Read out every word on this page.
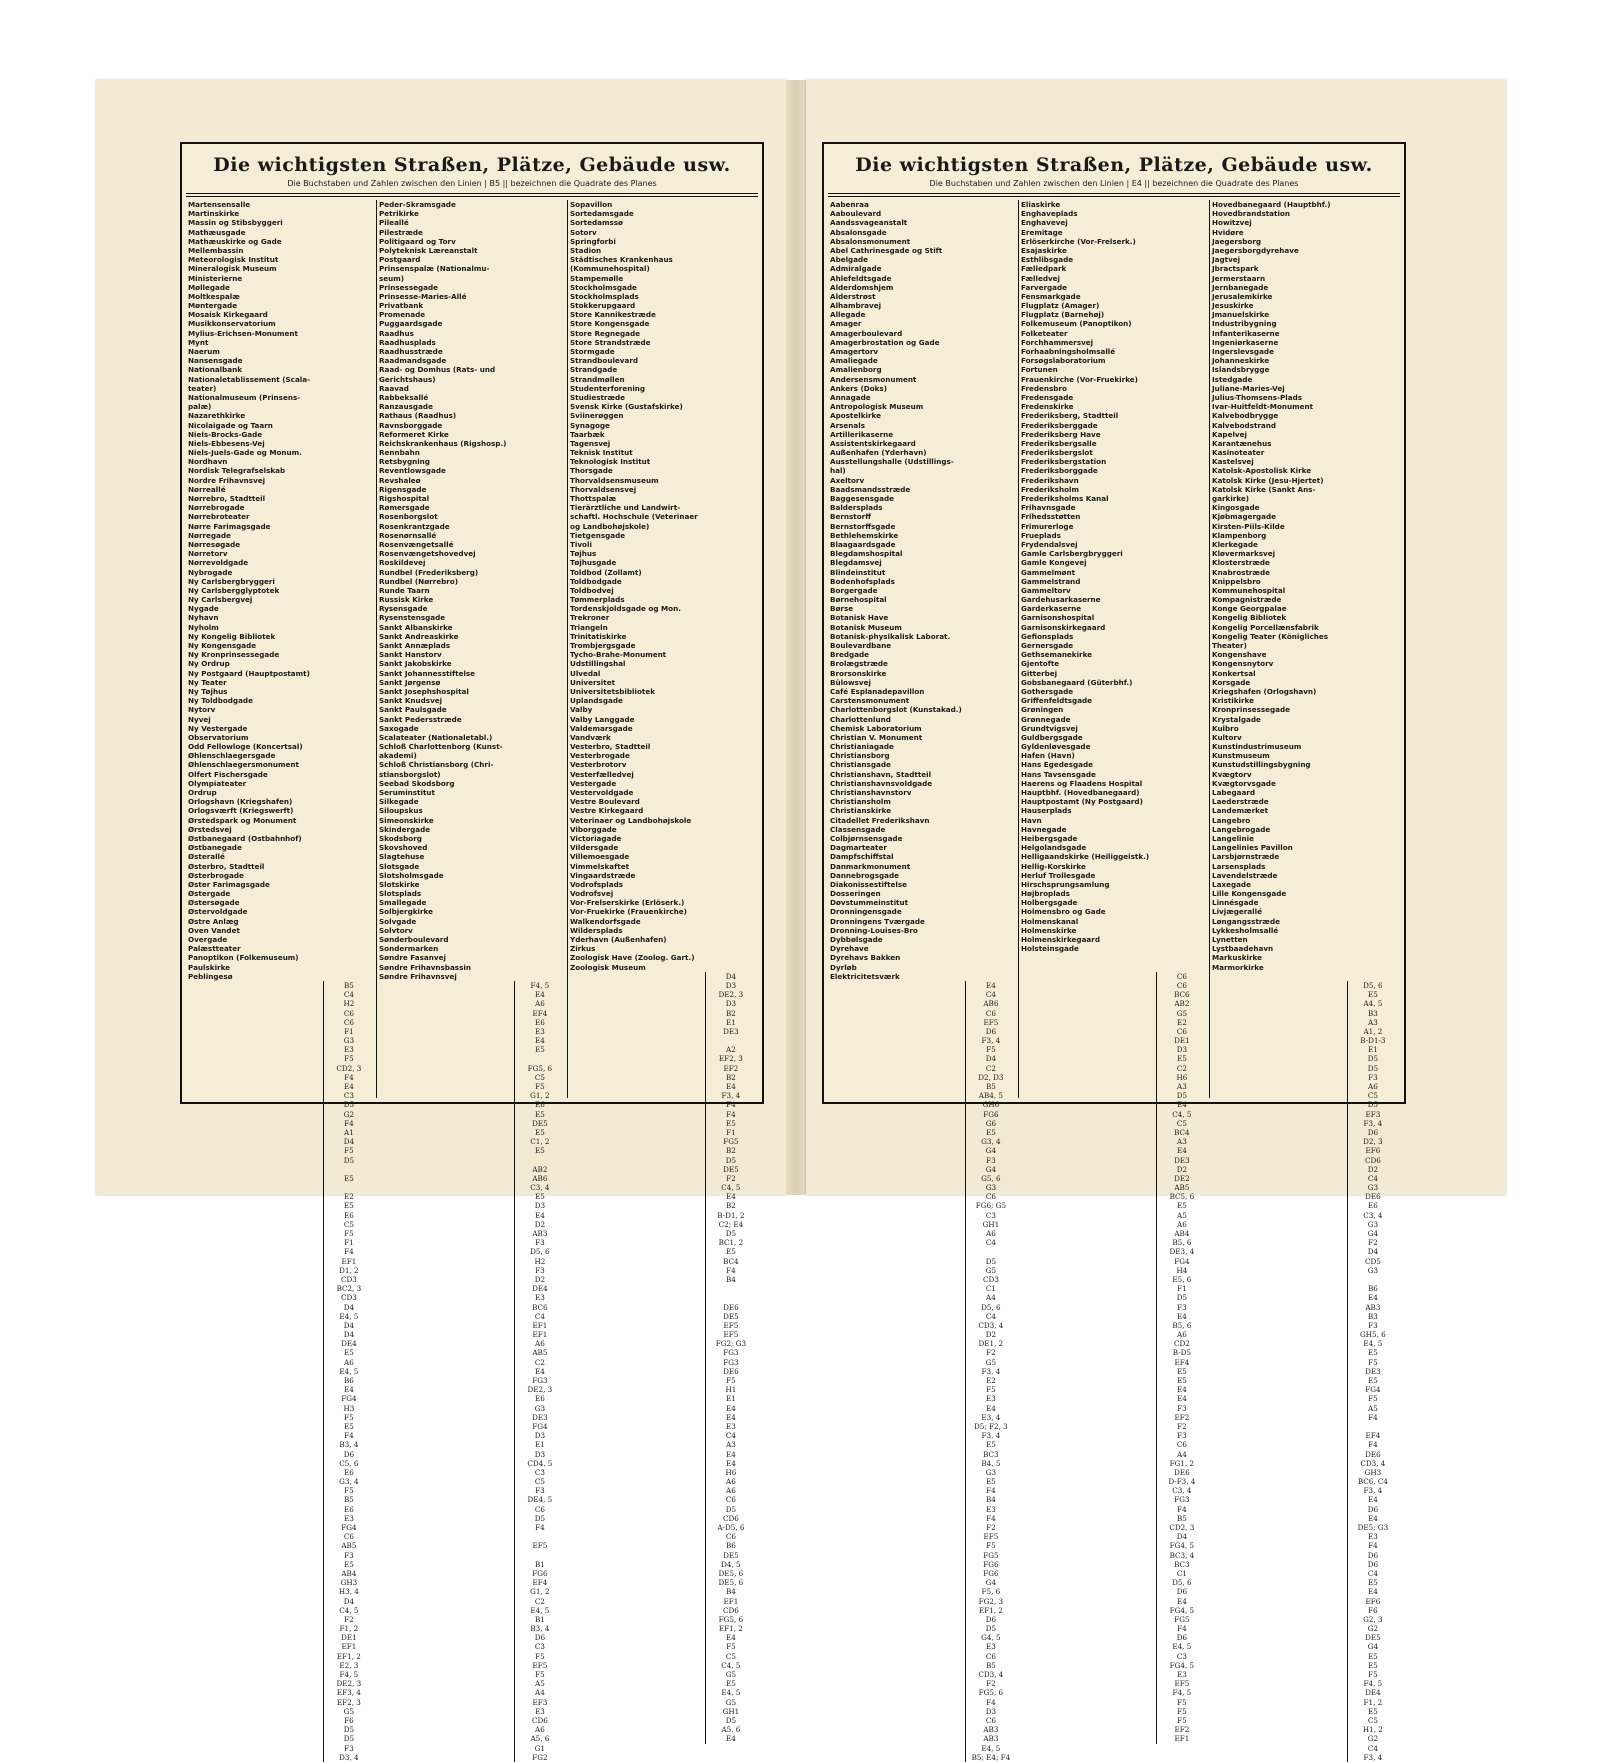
Die wichtigsten Straßen, Plätze, Gebäude usw.
Die Buchstaben und Zahlen zwischen den Linien | B5 || bezeichnen die Quadrate des Planes
Martensensalle
Martinskirke
Massin og Stibsbyggeri
Mathæusgade
Mathæuskirke og Gade
Mellembassin
Meteorologisk Institut
Mineralogisk Museum
Ministerierne
Møllegade
Moltkespalæ
Møntergade
Mosaisk Kirkegaard
Musikkonservatorium
Mylius-Erichsen-Monument
Mynt
Naerum
Nansensgade
Nationalbank
Nationaletablissement (Scala-
teater)
Nationalmuseum (Prinsens-
palæ)
Nazarethkirke
Nicolaigade og Taarn
Niels-Brocks-Gade
Niels-Ebbesens-Vej
Niels-Juels-Gade og Monum.
Nordhavn
Nordisk Telegrafselskab
Nordre Frihavnsvej
Nørreallé
Nørrebro, Stadtteil
Nørrebrogade
Nørrebroteater
Nørre Farimagsgade
Nørregade
Nørresøgade
Nørretorv
Nørrevoldgade
Nybrogade
Ny Carlsbergbryggeri
Ny Carlsbergglyptotek
Ny Carlsbergvej
Nygade
Nyhavn
Nyholm
Ny Kongelig Bibliotek
Ny Kongensgade
Ny Kronprinsessegade
Ny Ordrup
Ny Postgaard (Hauptpostamt)
Ny Teater
Ny Tøjhus
Ny Toldbodgade
Nytorv
Nyvej
Ny Vestergade
Observatorium
Odd Fellowloge (Koncertsal)
Øhlenschlaegersgade
Øhlenschlaegersmonument
Olfert Fischersgade
Olympiateater
Ordrup
Orlogshavn (Kriegshafen)
Orlogsværft (Kriegswerft)
Ørstedspark og Monument
Ørstedsvej
Østbanegaard (Ostbahnhof)
Østbanegade
Østerallé
Østerbro, Stadtteil
Østerbrogade
Øster Farimagsgade
Østergade
Østersøgade
Østervoldgade
Østre Anlæg
Oven Vandet
Overgade
Palæstteater
Panoptikon (Folkemuseum)
Paulskirke
Peblingesø
B5
C4
H2
C6
C6
F1
G3
E3
F5
CD2, 3
F4
E4
C3
D5
G2
F4
A1
D4
F5
D5
E5
E2
E5
E6
C5
F5
F1
F4
EF1
D1, 2
CD3
BC2, 3
CD3
D4
E4, 5
D4
D4
DE4
E5
A6
E4, 5
B6
E4
FG4
H3
F5
E5
F4
B3, 4
D6
C5, 6
E6
G3, 4
F5
B5
E6
E3
FG4
C6
AB5
F3
E5
AB4
GH3
H3, 4
D4
C4, 5
F2
F1, 2
DE1
EF1
EF1, 2
E2, 3
F4, 5
DE2, 3
EF3, 4
EF2, 3
G5
F6
D5
D5
F3
D3, 4
Peder-Skramsgade
Petrikirke
Pileallé
Pilestræde
Politigaard og Torv
Polyteknisk Læreanstalt
Postgaard
Prinsenspalæ (Nationalmu-
seum)
Prinsessegade
Prinsesse-Maries-Allé
Privatbank
Promenade
Puggaardsgade
Raadhus
Raadhusplads
Raadhusstræde
Raadmandsgade
Raad- og Domhus (Rats- und
Gerichtshaus)
Raavad
Rabbeksallé
Ranzausgade
Rathaus (Raadhus)
Ravnsborggade
Reformeret Kirke
Reichskrankenhaus (Rigshosp.)
Rennbahn
Retsbygning
Reventlowsgade
Revshaleø
Rigensgade
Rigshospital
Rømersgade
Rosenborgslot
Rosenkrantzgade
Rosenørnsallé
Rosenvængetsallé
Rosenvængetshovedvej
Roskildevej
Rundbel (Frederiksberg)
Rundbel (Nørrebro)
Runde Taarn
Russisk Kirke
Rysensgade
Rysenstensgade
Sankt Albanskirke
Sankt Andreaskirke
Sankt Annæplads
Sankt Hanstorv
Sankt Jakobskirke
Sankt Johannesstiftelse
Sankt Jørgensø
Sankt Josephshospital
Sankt Knudsvej
Sankt Paulsgade
Sankt Pedersstræde
Saxogade
Scalateater (Nationaletabl.)
Schloß Charlottenborg (Kunst-
akademi)
Schloß Christiansborg (Chri-
stiansborgslot)
Seebad Skodsborg
Seruminstitut
Silkegade
Siloupskus
Simeonskirke
Skindergade
Skodsborg
Skovshoved
Slagtehuse
Slotsgade
Slotsholmsgade
Slotskirke
Slotsplads
Smallegade
Solbjergkirke
Solvgade
Solvtorv
Sønderboulevard
Sondermarken
Søndre Fasanvej
Søndre Frihavnsbassin
Søndre Frihavnsvej
F4, 5
E4
A6
EF4
E6
E3
E4
E5
FG5, 6
C5
F5
G1, 2
E6
E5
DE5
E5
C1, 2
E5
AB2
AB6
C3, 4
E5
D3
E4
D2
AB3
F3
D5, 6
H2
F3
D2
DE4
E3
BC6
C4
EF1
EF1
A6
AB5
C2
E4
FG3
DE2, 3
E6
G3
DE3
FG4
D3
E1
D3
CD4, 5
C3
C5
F3
DE4, 5
C6
D5
F4
EF5
B1
FG6
EF4
G1, 2
C2
E4, 5
B1
B3, 4
D6
C3
F5
EF5
F5
A5
A4
EF3
E3
CD6
A6
A5, 6
G1
FG2
Sopavillon
Sortedamsgade
Sortedamssø
Sotorv
Springforbi
Stadion
Städtisches Krankenhaus
(Kommunehospital)
Stampemølle
Stockholmsgade
Stockholmsplads
Stokkerupgaard
Store Kannikestræde
Store Kongensgade
Store Regnegade
Store Strandstræde
Stormgade
Strandboulevard
Strandgade
Strandmøllen
Studenterforening
Studiestræde
Svensk Kirke (Gustafskirke)
Sviinerøggen
Synagoge
Taarbæk
Tagensvej
Teknisk Institut
Teknologisk Institut
Thorsgade
Thorvaldsensmuseum
Thorvaldsensvej
Thottspalæ
Tierärztliche und Landwirt-
schaftl. Hochschule (Veterinaer
og Landbohøjskole)
Tietgensgade
Tivoli
Tøjhus
Tøjhusgade
Toldbod (Zollamt)
Toldbodgade
Toldbodvej
Tømmerplads
Tordenskjoldsgade og Mon.
Trekroner
Triangeln
Trinitatiskirke
Trombjergsgade
Tycho-Brahe-Monument
Udstillingshal
Ulvedal
Universitet
Universitetsbibliotek
Uplandsgade
Valby
Valby Langgade
Valdemarsgade
Vandværk
Vesterbro, Stadtteil
Vesterbrogade
Vesterbrotorv
Vesterfælledvej
Vestergade
Vestervoldgade
Vestre Boulevard
Vestre Kirkegaard
Veterinaer og Landbohøjskole
Viborggade
Victoriagade
Vildersgade
Villemoesgade
Vimmelskaftet
Vingaardstræde
Vodrofsplads
Vodrofsvej
Vor-Frelserskirke (Erlöserk.)
Vor-Fruekirke (Frauenkirche)
Walkendorfsgade
Wildersplads
Yderhavn (Außenhafen)
Zirkus
Zoologisk Have (Zoolog. Gart.)
Zoologisk Museum
D4
D3
DE2, 3
D3
B2
E1
DE3
A2
EF2, 3
EF2
B2
E4
F3, 4
F4
F4
E5
F1
FG5
B2
D5
DE5
F2
C4, 5
E4
B2
B-D1, 2
C2; E4
D5
BC1, 2
E5
BC4
F4
B4
DE6
DE5
EF5
EF5
FG2; G3
FG3
FG3
DE6
F5
H1
E1
E4
E4
E3
C4
A3
E4
E4
H6
A6
A6
C6
D5
CD6
A-D5, 6
C6
B6
DE5
D4, 5
DE5, 6
DE5, 6
B4
EF1
CD6
FG5, 6
EF1, 2
E4
F5
C5
C4, 5
G5
E5
E4, 5
G5
GH1
D5
A5, 6
E4
Die wichtigsten Straßen, Plätze, Gebäude usw.
Die Buchstaben und Zahlen zwischen den Linien | E4 || bezeichnen die Quadrate des Planes
Aabenraa
Aaboulevard
Aandssvageanstalt
Absalonsgade
Absalonsmonument
Abel Cathrinesgade og Stift
Abelgade
Admiralgade
Ahlefeldtsgade
Alderdomshjem
Alderstrøst
Alhambravej
Allegade
Amager
Amagerboulevard
Amagerbrostation og Gade
Amagertorv
Amaliegade
Amalienborg
Andersensmonument
Ankers (Doks)
Annagade
Antropologisk Museum
Apostelkirke
Arsenals
Artillerikaserne
Assistentskirkegaard
Außenhafen (Yderhavn)
Ausstellungshalle (Udstillings-
hal)
Axeltorv
Baadsmandsstræde
Baggesensgade
Baldersplads
Bernstorff
Bernstorffsgade
Bethlehemskirke
Blaagaardsgade
Blegdamshospital
Blegdamsvej
Blindeinstitut
Bodenhofsplads
Borgergade
Børnehospital
Børse
Botanisk Have
Botanisk Museum
Botanisk-physikalisk Laborat.
Boulevardbane
Bredgade
Brolægstræde
Brorsonskirke
Bülowsvej
Café Esplanadepavillon
Carstensmonument
Charlottenborgslot (Kunstakad.)
Charlottenlund
Chemisk Laboratorium
Christian V. Monument
Christianiagade
Christiansborg
Christiansgade
Christianshavn, Stadtteil
Christianshavnsvoldgade
Christianshavnstorv
Christiansholm
Christianskirke
Citadellet Frederikshavn
Classensgade
Colbjørnsensgade
Dagmarteater
Dampfschiffstal
Danmarkmonument
Dannebrogsgade
Diakonissestiftelse
Dosseringen
Døvstummeinstitut
Dronningensgade
Dronningens Tværgade
Dronning-Louises-Bro
Dybbølsgade
Dyrehave
Dyrehavs Bakken
Dyrløb
Elektricitetsværk
E4
C4
AB6
C6
EF5
D6
F3, 4
F5
D4
C2
D2, D3
B5
AB4, 5
GH6
FG6
G6
E5
G3, 4
G4
F3
G4
G5, 6
G3
C6
FG6; G5
C3
GH1
A6
C4
D5
G5
CD3
C1
A4
D5, 6
C4
CD3, 4
D2
DE1, 2
F2
G5
F3, 4
E2
F5
E3
E4
E3, 4
D5; F2, 3
F3, 4
E5
BC3
B4, 5
G3
E5
F4
B4
E3
F4
F2
EF5
F5
FG5
FG6
FG6
G4
F5, 6
FG2, 3
EF1, 2
D6
D5
G4, 5
E3
C6
B5
CD3, 4
F2
FG5, 6
F4
D3
C6
AB3
AB3
E4, 5
B5; E4; F4
Eliaskirke
Enghaveplads
Enghavevej
Eremitage
Erlöserkirche (Vor-Frelserk.)
Esajaskirke
Esthlibsgade
Fælledpark
Fælledvej
Farvergade
Fensmarkgade
Flugplatz (Amager)
Flugplatz (Barnehøj)
Folkemuseum (Panoptikon)
Folketeater
Forchhammersvej
Forhaabningsholmsallé
Forsøgslaboratorium
Fortunen
Frauenkirche (Vor-Fruekirke)
Fredensbro
Fredensgade
Fredenskirke
Frederiksberg, Stadtteil
Frederiksberggade
Frederiksberg Have
Frederiksbergsalle
Frederiksbergslot
Frederiksbergstation
Frederiksborggade
Frederikshavn
Frederiksholm
Frederiksholms Kanal
Frihavnsgade
Frihedsstøtten
Frimurerloge
Frueplads
Frydendalsvej
Gamle Carlsbergbryggeri
Gamle Kongevej
Gammelmønt
Gammelstrand
Gammeltorv
Gardehusarkaserne
Garderkaserne
Garnisonshospital
Garnisonskirkegaard
Gefionsplads
Gernersgade
Gethsemanekirke
Gjentofte
Gitterbej
Gobsbanegaard (Güterbhf.)
Gothersgade
Griffenfeldtsgade
Grøningen
Grønnegade
Grundtvigsvej
Guldbergsgade
Gyldenløvesgade
Hafen (Havn)
Hans Egedesgade
Hans Tavsensgade
Haerens og Flaadens Hospital
Hauptbhf. (Hovedbanegaard)
Hauptpostamt (Ny Postgaard)
Hauserplads
Havn
Havnegade
Heibergsgade
Helgolandsgade
Helligaandskirke (Heiliggeistk.)
Hellig-Korskirke
Herluf Trollesgade
Hirschsprungsamlung
Højbroplads
Holbergsgade
Holmensbro og Gade
Holmenskanal
Holmenskirke
Holmenskirkegaard
Holsteinsgade
C6
C6
BC6
AB2
G5
E2
C6
DE1
D3
E5
C2
H6
A3
D5
E4
C4, 5
C5
BC4
A3
E4
DE3
D2
DE2
AB5
BC5, 6
E5
A5
A6
AB4
B5, 6
DE3, 4
FG4
H4
E5, 6
F1
D5
F3
E4
B5, 6
A6
CD2
B-D5
EF4
E5
E5
E4
E4
F3
EF2
F2
F3
C6
A4
FG1, 2
DE6
D-F3, 4
C3, 4
FG3
F4
B5
CD2, 3
D4
FG4, 5
BC3, 4
BC3
C1
D5, 6
D6
E4
FG4, 5
FG5
F4
D6
E4, 5
C3
FG4, 5
E3
EF5
F4, 5
F5
F5
F5
EF2
EF1
Hovedbanegaard (Hauptbhf.)
Hovedbrandstation
Howitzvej
Hvidøre
Jaegersborg
Jaegersborgdyrehave
Jagtvej
Jbractspark
Jermerstaarn
Jernbanegade
Jerusalemkirke
Jesuskirke
Jmanuelskirke
Industribygning
Infanterikaserne
Ingeniørkaserne
Ingerslevsgade
Johanneskirke
Islandsbrygge
Istedgade
Juliane-Maries-Vej
Julius-Thomsens-Plads
Ivar-Huitfeldt-Monument
Kalvebodbrygge
Kalvebodstrand
Kapelvej
Karantænehus
Kasinoteater
Kastelsvej
Katolsk-Apostolisk Kirke
Katolsk Kirke (Jesu-Hjertet)
Katolsk Kirke (Sankt Ans-
garkirke)
Kingosgade
Kjøbmagergade
Kirsten-Piils-Kilde
Klampenborg
Klerkegade
Kløvermarksvej
Klosterstræde
Knabrostræde
Knippelsbro
Kommunehospital
Kompagnistræde
Konge Georgpalae
Kongelig Bibliotek
Kongelig Porcellænsfabrik
Kongelig Teater (Königliches
Theater)
Kongenshave
Kongensnytorv
Konkertsal
Korsgade
Kriegshafen (Orlogshavn)
Kristikirke
Kronprinsessegade
Krystalgade
Kulbro
Kultorv
Kunstindustrimuseum
Kunstmuseum
Kunstudstillingsbygning
Kvægtorv
Kvægtorvsgade
Labegaard
Laederstræde
Landemærket
Langebro
Langebrogade
Langelinie
Langelinies Pavillon
Larsbjørnstræde
Larsensplads
Lavendelstræde
Laxegade
Lille Kongensgade
Linnésgade
Livjægerallé
Løngangsstræde
Lykkesholmsallé
Lynetten
Lystbaadehavn
Markuskirke
Marmorkirke
D5, 6
E5
A4, 5
B3
A3
A1, 2
B-D1-3
E1
D5
D5
F3
A6
C5
D5
EF3
F3, 4
D6
D2, 3
EF6
CD6
D2
C4
G3
DE6
E6
C3, 4
G3
G4
F2
D4
CD5
G3
B6
E4
AB3
B3
F3
GH5, 6
E4, 5
E5
F5
DE3
E5
FG4
F5
A5
F4
EF4
F4
DE6
CD3, 4
GH3
BC6, C4
F3, 4
E4
D6
E4
DE5; G3
E3
F4
D6
D6
C4
E5
E4
EF6
F6
G2, 3
G2
DE5
G4
E5
E5
F5
F4, 5
DE4
F1, 2
E5
C5
H1, 2
G2
C4
F3, 4
